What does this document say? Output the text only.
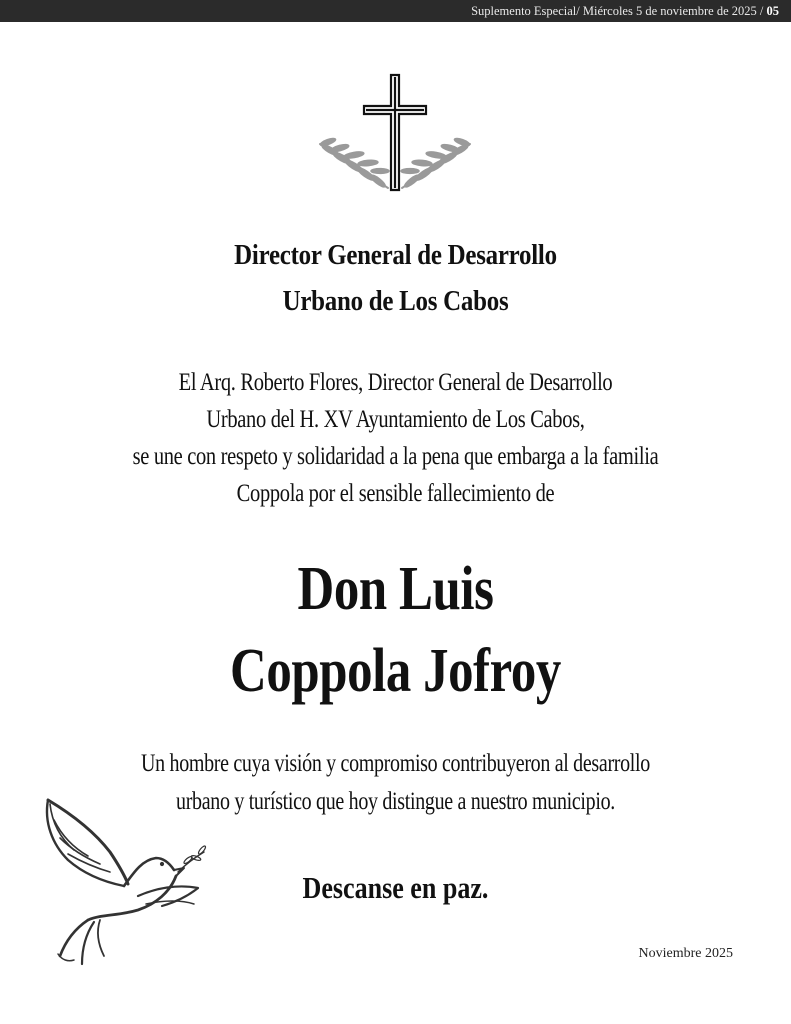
Suplemento Especial/ Miércoles 5 de noviembre de 2025 / 05
Director General de Desarrollo
Urbano de Los Cabos
El Arq. Roberto Flores, Director General de Desarrollo
Urbano del H. XV Ayuntamiento de Los Cabos,
se une con respeto y solidaridad a la pena que embarga a la familia
Coppola por el sensible fallecimiento de
Don Luis
Coppola Jofroy
Un hombre cuya visión y compromiso contribuyeron al desarrollo
urbano y turístico que hoy distingue a nuestro municipio.
Descanse en paz.
Noviembre 2025
